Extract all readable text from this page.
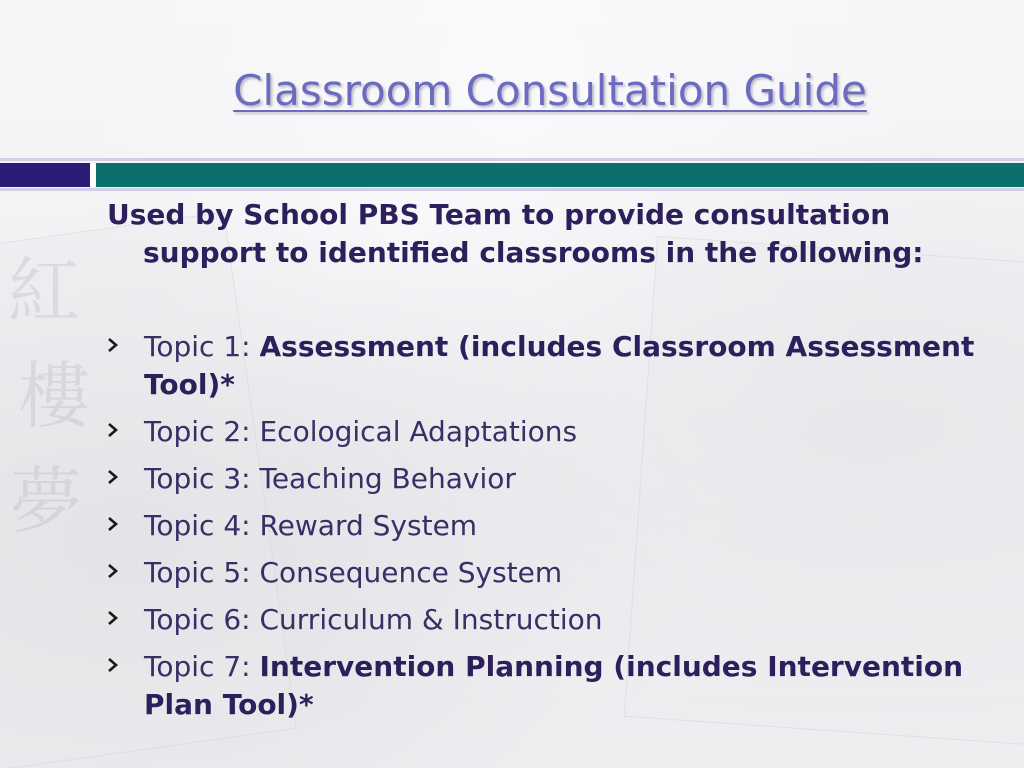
紅
樓
夢
Classroom Consultation Guide
Used by School PBS Team to provide consultation support to identified classrooms in the following:
Topic 1: Assessment (includes Classroom Assessment Tool)*
Topic 2: Ecological Adaptations
Topic 3: Teaching Behavior
Topic 4: Reward System
Topic 5: Consequence System
Topic 6: Curriculum & Instruction
Topic 7: Intervention Planning (includes Intervention Plan Tool)*
